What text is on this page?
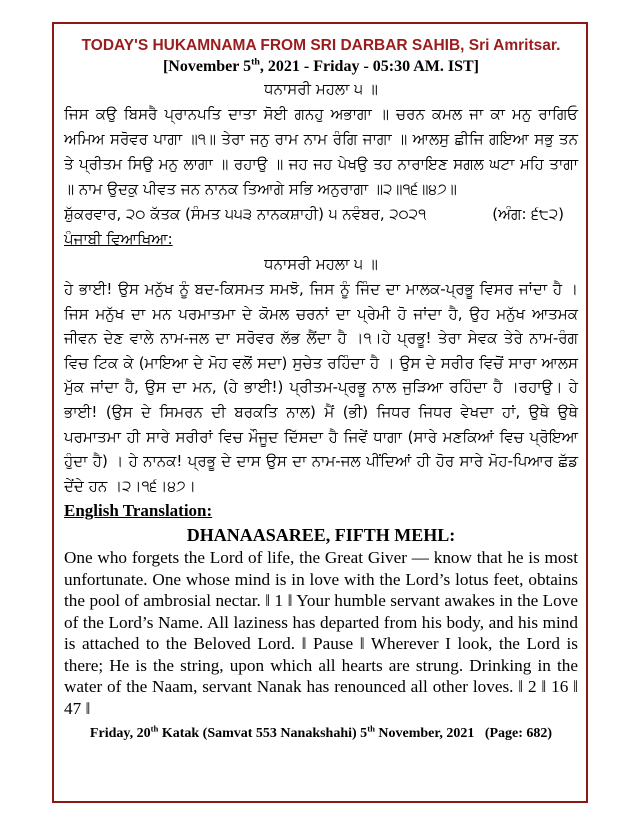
TODAY'S HUKAMNAMA FROM SRI DARBAR SAHIB, Sri Amritsar.
[November 5th, 2021 - Friday - 05:30 AM. IST]
ਧਨਾਸਰੀ ਮਹਲਾ ੫ ॥
ਜਿਸ ਕਉ ਬਿਸਰੈ ਪ੍ਰਾਨਪਤਿ ਦਾਤਾ ਸੋਈ ਗਨਹੁ ਅਭਾਗਾ ॥ ਚਰਨ ਕਮਲ ਜਾ ਕਾ ਮਨੁ ਰਾਗਿਓ ਅਮਿਅ ਸਰੋਵਰ ਪਾਗਾ ॥੧॥ ਤੇਰਾ ਜਨੁ ਰਾਮ ਨਾਮ ਰੰਗਿ ਜਾਗਾ ॥ ਆਲਸੁ ਛੀਜਿ ਗਇਆ ਸਭੁ ਤਨ ਤੇ ਪ੍ਰੀਤਮ ਸਿਉ ਮਨੁ ਲਾਗਾ ॥ ਰਹਾਉ ॥ ਜਹ ਜਹ ਪੇਖਉ ਤਹ ਨਾਰਾਇਣ ਸਗਲ ਘਟਾ ਮਹਿ ਤਾਗਾ ॥ ਨਾਮ ਉਦਕੁ ਪੀਵਤ ਜਨ ਨਾਨਕ ਤਿਆਗੇ ਸਭਿ ਅਨੁਰਾਗਾ ॥੨॥੧੬॥੪੭॥
ਸ਼ੁੱਕਰਵਾਰ, ੨੦ ਕੱਤਕ (ਸੰਮਤ ੫੫੩ ਨਾਨਕਸ਼ਾਹੀ) ੫ ਨਵੰਬਰ, ੨੦੨੧	(ਅੰਗ: ੬੮੨)
ਪੰਜਾਬੀ ਵਿਆਖਿਆ:
ਧਨਾਸਰੀ ਮਹਲਾ ੫ ॥
ਹੇ ਭਾਈ! ਉਸ ਮਨੁੱਖ ਨੂੰ ਬਦ-ਕਿਸਮਤ ਸਮਝੋ, ਜਿਸ ਨੂੰ ਜਿੰਦ ਦਾ ਮਾਲਕ-ਪ੍ਰਭੂ ਵਿਸਰ ਜਾਂਦਾ ਹੈ । ਜਿਸ ਮਨੁੱਖ ਦਾ ਮਨ ਪਰਮਾਤਮਾ ਦੇ ਕੋਮਲ ਚਰਨਾਂ ਦਾ ਪ੍ਰੇਮੀ ਹੋ ਜਾਂਦਾ ਹੈ, ਉਹ ਮਨੁੱਖ ਆਤਮਕ ਜੀਵਨ ਦੇਣ ਵਾਲੇ ਨਾਮ-ਜਲ ਦਾ ਸਰੋਵਰ ਲੱਭ ਲੈਂਦਾ ਹੈ ।੧।ਹੇ ਪ੍ਰਭੂ! ਤੇਰਾ ਸੇਵਕ ਤੇਰੇ ਨਾਮ-ਰੰਗ ਵਿਚ ਟਿਕ ਕੇ (ਮਾਇਆ ਦੇ ਮੋਹ ਵਲੋਂ ਸਦਾ) ਸੁਚੇਤ ਰਹਿੰਦਾ ਹੈ । ਉਸ ਦੇ ਸਰੀਰ ਵਿਚੋਂ ਸਾਰਾ ਆਲਸ ਮੁੱਕ ਜਾਂਦਾ ਹੈ, ਉਸ ਦਾ ਮਨ, (ਹੇ ਭਾਈ!) ਪ੍ਰੀਤਮ-ਪ੍ਰਭੂ ਨਾਲ ਜੁੜਿਆ ਰਹਿੰਦਾ ਹੈ ।ਰਹਾਉ। ਹੇ ਭਾਈ! (ਉਸ ਦੇ ਸਿਮਰਨ ਦੀ ਬਰਕਤਿ ਨਾਲ) ਮੈਂ (ਭੀ) ਜਿਧਰ ਜਿਧਰ ਵੇਖਦਾ ਹਾਂ, ਉਥੇ ਉਥੇ ਪਰਮਾਤਮਾ ਹੀ ਸਾਰੇ ਸਰੀਰਾਂ ਵਿਚ ਮੌਜੂਦ ਦਿੱਸਦਾ ਹੈ ਜਿਵੇਂ ਧਾਗਾ (ਸਾਰੇ ਮਣਕਿਆਂ ਵਿਚ ਪ੍ਰੋਇਆ ਹੁੰਦਾ ਹੈ) । ਹੇ ਨਾਨਕ! ਪ੍ਰਭੂ ਦੇ ਦਾਸ ਉਸ ਦਾ ਨਾਮ-ਜਲ ਪੀਂਦਿਆਂ ਹੀ ਹੋਰ ਸਾਰੇ ਮੋਹ-ਪਿਆਰ ਛੱਡ ਦੇਂਦੇ ਹਨ ।੨।੧੬।੪੭।
English Translation:
DHANAASAREE, FIFTH MEHL:
One who forgets the Lord of life, the Great Giver — know that he is most unfortunate. One whose mind is in love with the Lord’s lotus feet, obtains the pool of ambrosial nectar. ‖ 1 ‖ Your humble servant awakes in the Love of the Lord’s Name. All laziness has departed from his body, and his mind is attached to the Beloved Lord. ‖ Pause ‖ Wherever I look, the Lord is there; He is the string, upon which all hearts are strung. Drinking in the water of the Naam, servant Nanak has renounced all other loves. ‖ 2 ‖ 16 ‖ 47 ‖
Friday, 20th Katak (Samvat 553 Nanakshahi) 5th November, 2021   (Page: 682)
